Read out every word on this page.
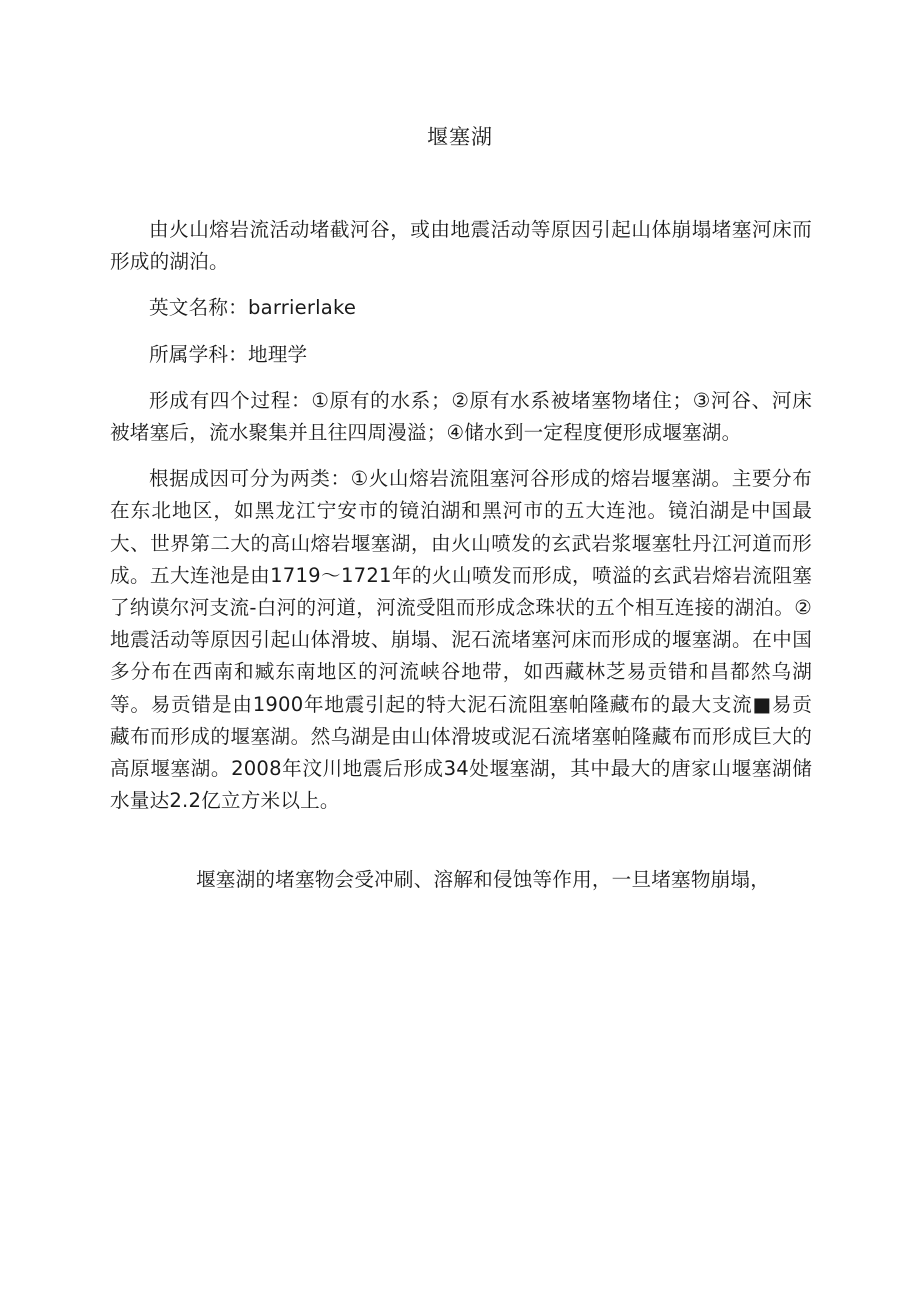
堰塞湖

由火山熔岩流活动堵截河谷，或由地震活动等原因引起山体崩塌堵塞河床而形成的湖泊。

英文名称：barrierlake

所属学科：地理学

形成有四个过程：①原有的水系；②原有水系被堵塞物堵住；③河谷、河床被堵塞后，流水聚集并且往四周漫溢；④储水到一定程度便形成堰塞湖。

根据成因可分为两类：①火山熔岩流阻塞河谷形成的熔岩堰塞湖。主要分布在东北地区，如黑龙江宁安市的镜泊湖和黑河市的五大连池。镜泊湖是中国最大、世界第二大的高山熔岩堰塞湖，由火山喷发的玄武岩浆堰塞牡丹江河道而形成。五大连池是由1719～1721年的火山喷发而形成，喷溢的玄武岩熔岩流阻塞了纳谟尔河支流-白河的河道，河流受阻而形成念珠状的五个相互连接的湖泊。②地震活动等原因引起山体滑坡、崩塌、泥石流堵塞河床而形成的堰塞湖。在中国多分布在西南和臧东南地区的河流峡谷地带，如西藏林芝易贡错和昌都然乌湖等。易贡错是由1900年地震引起的特大泥石流阻塞帕隆藏布的最大支流■易贡藏布而形成的堰塞湖。然乌湖是由山体滑坡或泥石流堵塞帕隆藏布而形成巨大的高原堰塞湖。2008年汶川地震后形成34处堰塞湖，其中最大的唐家山堰塞湖储水量达2.2亿立方米以上。

堰塞湖的堵塞物会受冲刷、溶解和侵蚀等作用，一旦堵塞物崩塌，
